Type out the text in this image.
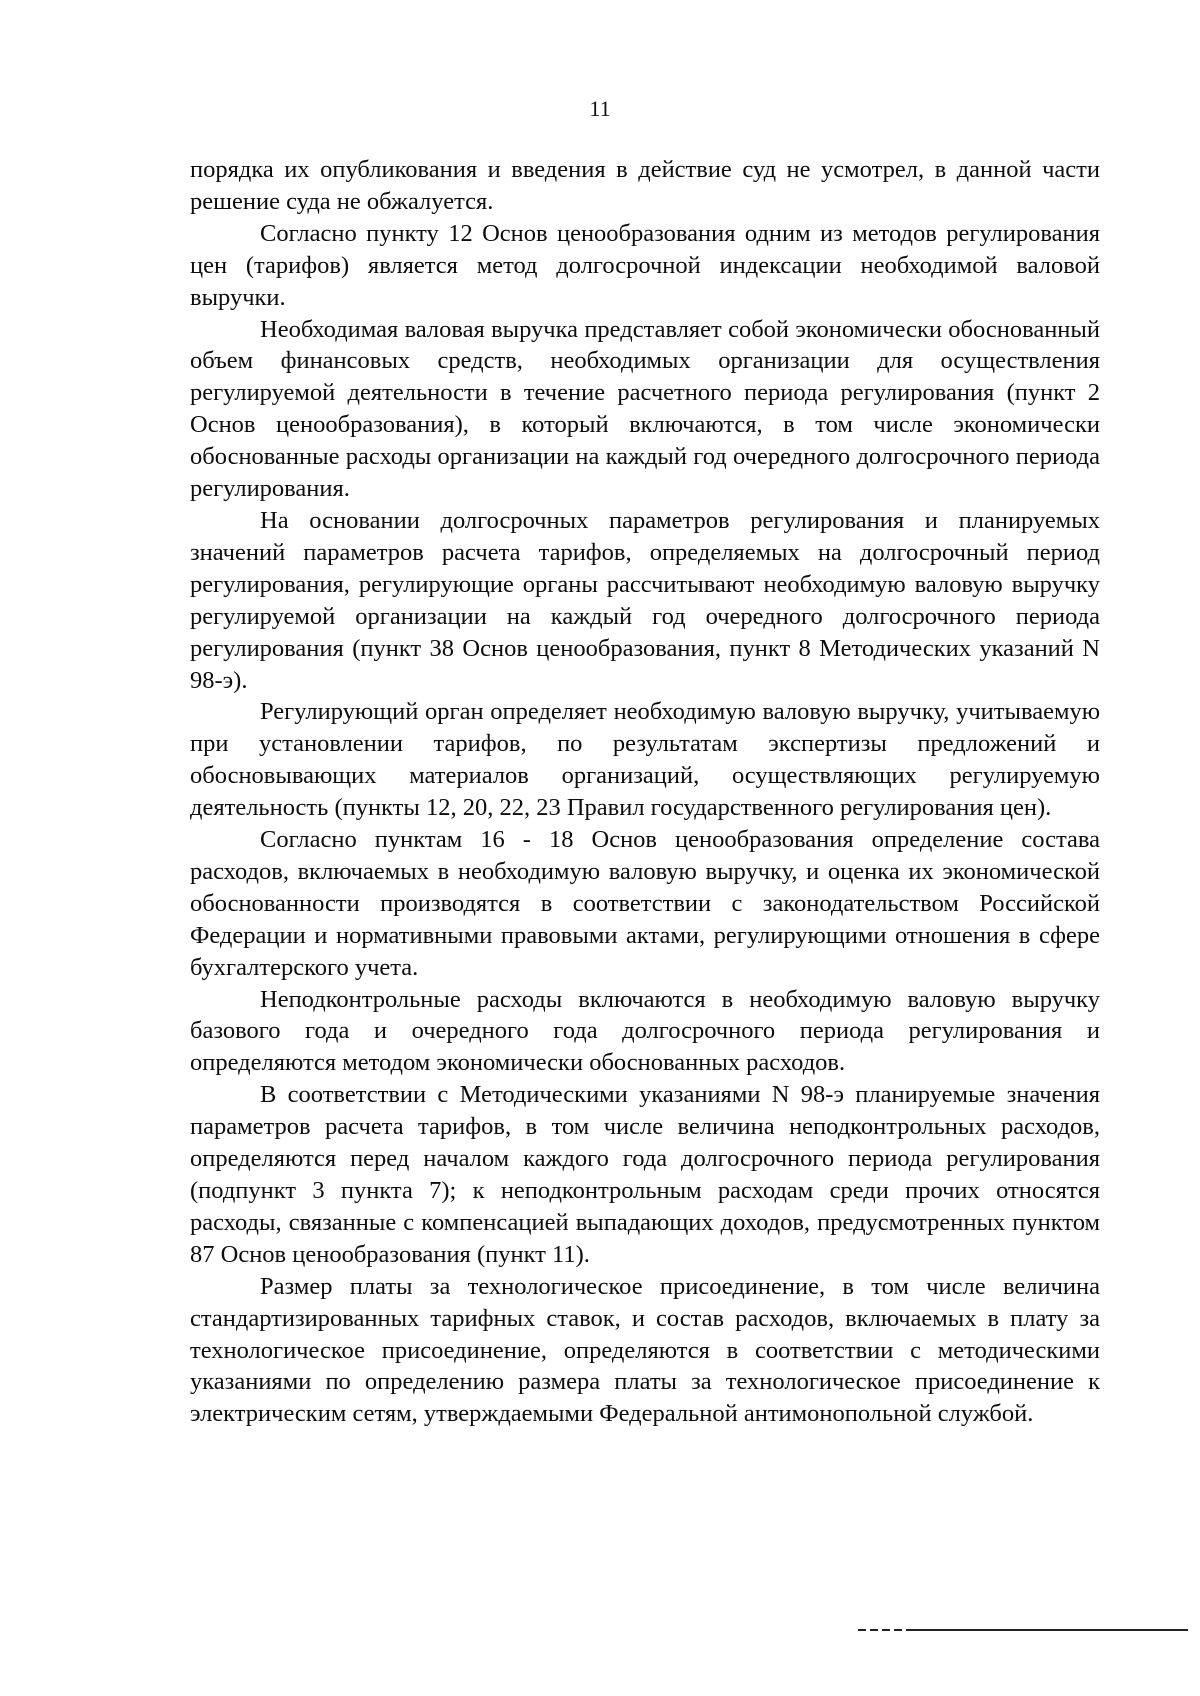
11

порядка их опубликования и введения в действие суд не усмотрел, в данной части решение суда не обжалуется.

Согласно пункту 12 Основ ценообразования одним из методов регулирования цен (тарифов) является метод долгосрочной индексации необходимой валовой выручки.

Необходимая валовая выручка представляет собой экономически обоснованный объем финансовых средств, необходимых организации для осуществления регулируемой деятельности в течение расчетного периода регулирования (пункт 2 Основ ценообразования), в который включаются, в том числе экономически обоснованные расходы организации на каждый год очередного долгосрочного периода регулирования.

На основании долгосрочных параметров регулирования и планируемых значений параметров расчета тарифов, определяемых на долгосрочный период регулирования, регулирующие органы рассчитывают необходимую валовую выручку регулируемой организации на каждый год очередного долгосрочного периода регулирования (пункт 38 Основ ценообразования, пункт 8 Методических указаний N 98-э).

Регулирующий орган определяет необходимую валовую выручку, учитываемую при установлении тарифов, по результатам экспертизы предложений и обосновывающих материалов организаций, осуществляющих регулируемую деятельность (пункты 12, 20, 22, 23 Правил государственного регулирования цен).

Согласно пунктам 16 - 18 Основ ценообразования определение состава расходов, включаемых в необходимую валовую выручку, и оценка их экономической обоснованности производятся в соответствии с законодательством Российской Федерации и нормативными правовыми актами, регулирующими отношения в сфере бухгалтерского учета.

Неподконтрольные расходы включаются в необходимую валовую выручку базового года и очередного года долгосрочного периода регулирования и определяются методом экономически обоснованных расходов.

В соответствии с Методическими указаниями N 98-э планируемые значения параметров расчета тарифов, в том числе величина неподконтрольных расходов, определяются перед началом каждого года долгосрочного периода регулирования (подпункт 3 пункта 7); к неподконтрольным расходам среди прочих относятся расходы, связанные с компенсацией выпадающих доходов, предусмотренных пунктом 87 Основ ценообразования (пункт 11).

Размер платы за технологическое присоединение, в том числе величина стандартизированных тарифных ставок, и состав расходов, включаемых в плату за технологическое присоединение, определяются в соответствии с методическими указаниями по определению размера платы за технологическое присоединение к электрическим сетям, утверждаемыми Федеральной антимонопольной службой.
